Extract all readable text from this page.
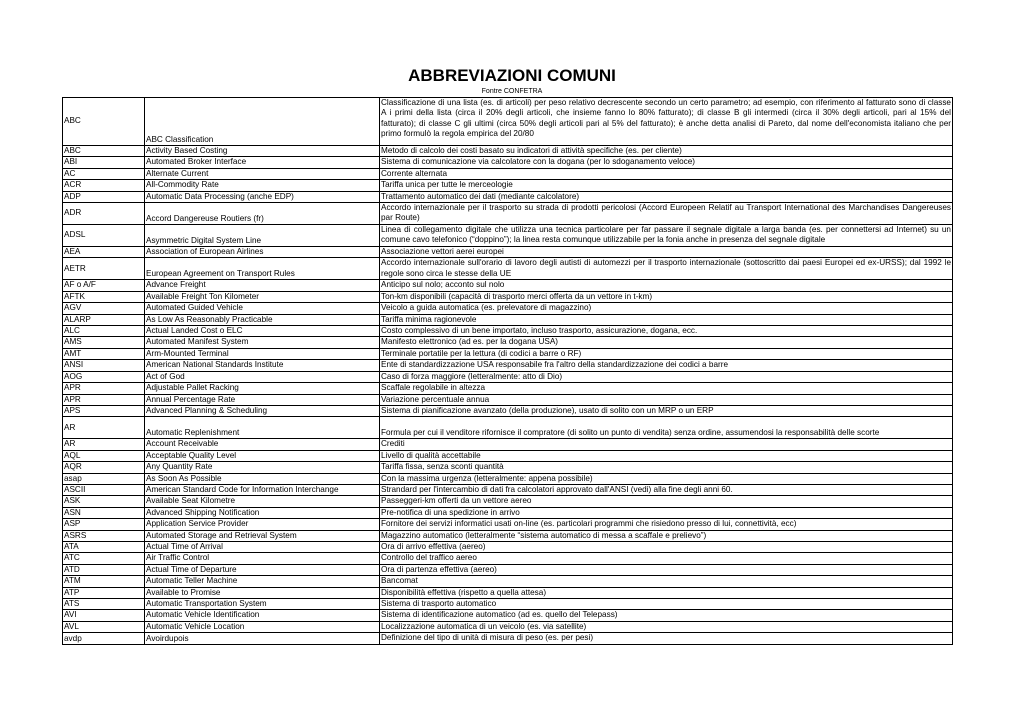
ABBREVIAZIONI COMUNI
Fontre CONFETRA
ABC	ABC Classification	Classificazione di una lista (es. di articoli) per peso relativo decrescente secondo un certo parametro; ad esempio, con riferimento al fatturato sono di classe A i primi della lista (circa il 20% degli articoli, che insieme fanno lo 80% fatturato); di classe B gli intermedi (circa il 30% degli articoli, pari al 15% del fatturato); di classe C gli ultimi (circa 50% degli articoli pari al 5% del fatturato); è anche detta analisi di Pareto, dal nome dell'economista italiano che per primo formulò la regola empirica del 20/80
ABC	Activity Based Costing	Metodo di calcolo dei costi basato su indicatori di attività specifiche (es. per cliente)
ABI	Automated Broker Interface	Sistema di comunicazione via calcolatore con la dogana (per lo sdoganamento veloce)
AC	Alternate Current	Corrente alternata
ACR	All-Commodity Rate	Tariffa unica per tutte le merceologie
ADP	Automatic Data Processing (anche EDP)	Trattamento automatico dei dati (mediante calcolatore)
ADR	Accord Dangereuse Routiers (fr)	Accordo internazionale per il trasporto su strada di prodotti pericolosi (Accord Europeen Relatif au Transport International des Marchandises Dangereuses par Route)
ADSL	Asymmetric Digital System Line	Linea di collegamento digitale che utilizza una tecnica particolare per far passare il segnale digitale a larga banda (es. per connettersi ad Internet) su un comune cavo telefonico (“doppino”); la linea resta comunque utilizzabile per la fonia anche in presenza del segnale digitale
AEA	Association of European Airlines	Associazione vettori aerei europei
AETR	European Agreement on Transport Rules	Accordo internazionale sull'orario di lavoro degli autisti di automezzi per il trasporto internazionale (sottoscritto dai paesi Europei ed ex-URSS); dal 1992 le regole sono circa le stesse della UE
AF o A/F	Advance Freight	Anticipo sul nolo; acconto sul nolo
AFTK	Available Freight Ton Kilometer	Ton-km disponibili (capacità di trasporto merci offerta da un vettore in t-km)
AGV	Automated Guided Vehicle	Veicolo a guida automatica (es. prelevatore di magazzino)
ALARP	As Low As Reasonably Practicable	Tariffa minima ragionevole
ALC	Actual Landed Cost o ELC	Costo complessivo di un bene importato, incluso trasporto, assicurazione, dogana, ecc.
AMS	Automated Manifest System	Manifesto elettronico (ad es. per la dogana USA)
AMT	Arm-Mounted Terminal	Terminale portatile per la lettura (di codici a barre o RF)
ANSI	American National Standards Institute	Ente di standardizzazione USA responsabile fra l'altro della standardizzazione dei codici a barre
AOG	Act of God	Caso di forza maggiore (letteralmente: atto di Dio)
APR	Adjustable Pallet Racking	Scaffale regolabile in altezza
APR	Annual Percentage Rate	Variazione percentuale annua
APS	Advanced Planning & Scheduling	Sistema di pianificazione avanzato (della produzione), usato di solito con un MRP o un ERP
AR	Automatic Replenishment	Formula per cui il venditore rifornisce il compratore (di solito un punto di vendita) senza ordine, assumendosi la responsabilità delle scorte
AR	Account Receivable	Crediti
AQL	Acceptable Quality Level	Livello di qualità accettabile
AQR	Any Quantity Rate	Tariffa fissa, senza sconti quantità
asap	As Soon As Possible	Con la massima urgenza (letteralmente: appena possibile)
ASCII	American Standard Code for Information Interchange	Strandard per l'intercambio di dati fra calcolatori approvato dall'ANSI (vedi) alla fine degli anni 60.
ASK	Available Seat Kilometre	Passeggeri-km offerti da un vettore aereo
ASN	Advanced Shipping Notification	Pre-notifica di una spedizione in arrivo
ASP	Application Service Provider	Fornitore dei servizi informatici usati on-line (es. particolari programmi che risiedono presso di lui, connettività, ecc)
ASRS	Automated Storage and Retrieval System	Magazzino automatico (letteralmente “sistema automatico di messa a scaffale e prelievo”)
ATA	Actual Time of Arrival	Ora di arrivo effettiva (aereo)
ATC	Air Traffic Control	Controllo del traffico aereo
ATD	Actual Time of Departure	Ora di partenza effettiva (aereo)
ATM	Automatic Teller Machine	Bancomat
ATP	Available to Promise	Disponibilità effettiva (rispetto a quella attesa)
ATS	Automatic Transportation System	Sistema di trasporto automatico
AVI	Automatic Vehicle Identification	Sistema di identificazione automatico (ad es. quello del Telepass)
AVL	Automatic Vehicle Location	Localizzazione automatica di un veicolo (es. via satellite)
avdp	Avoirdupois	Definizione del tipo di unità di misura di peso (es. per pesi)
